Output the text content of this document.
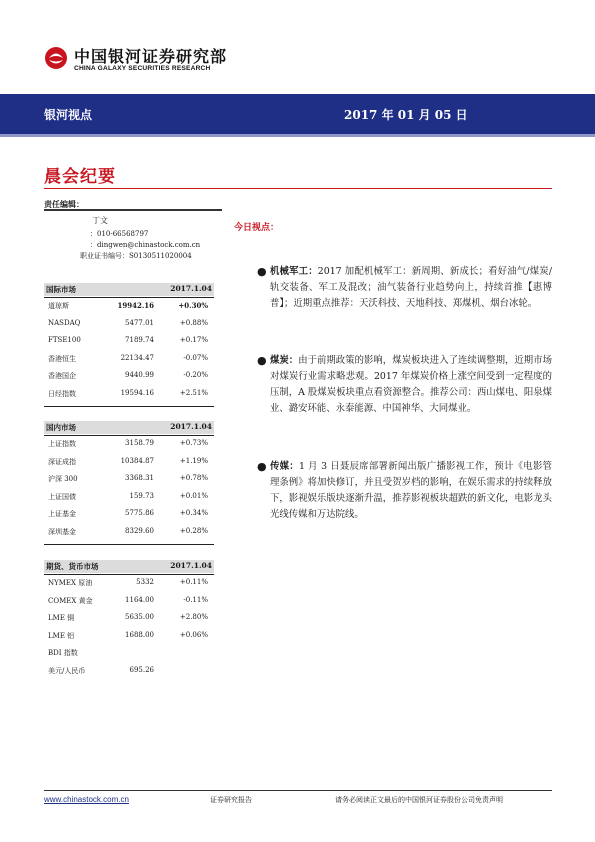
中国银河证券研究部
CHINA GALAXY SECURITIES RESEARCH
银河视点	2017 年 01 月 05 日
晨会纪要
责任编辑：
丁文
：010-66568797
：dingwen@chinastock.com.cn
职业证书编号：S0130511020004
国际市场	2017.1.04
道琼斯	19942.16	+0.30%
NASDAQ	5477.01	+0.88%
FTSE100	7189.74	+0.17%
香港恒生	22134.47	-0.07%
香港国企	9440.99	-0.20%
日经指数	19594.16	+2.51%
国内市场	2017.1.04
上证指数	3158.79	+0.73%
深证成指	10384.87	+1.19%
沪深 300	3368.31	+0.78%
上证国债	159.73	+0.01%
上证基金	5775.86	+0.34%
深圳基金	8329.60	+0.28%
期货、货币市场	2017.1.04
NYMEX 原油	5332	+0.11%
COMEX 黄金	1164.00	-0.11%
LME 铜	5635.00	+2.80%
LME 铝	1688.00	+0.06%
BDI 指数
美元/人民币	695.26
今日视点：
● 机械军工：2017 加配机械军工：新周期、新成长；看好油气/煤炭/轨交装备、军工及混改；油气装备行业趋势向上，持续首推【惠博普】；近期重点推荐：天沃科技、天地科技、郑煤机、烟台冰轮。
● 煤炭：由于前期政策的影响，煤炭板块进入了连续调整期，近期市场对煤炭行业需求略悲观。2017 年煤炭价格上涨空间受到一定程度的压制，A 股煤炭板块重点看资源整合。推荐公司：西山煤电、阳泉煤业、潞安环能、永泰能源、中国神华、大同煤业。
● 传媒：1 月 3 日聂辰席部署新闻出版广播影视工作，预计《电影管理条例》将加快修订，并且受贺岁档的影响，在娱乐需求的持续释放下，影视娱乐版块逐渐升温，推荐影视板块超跌的新文化，电影龙头光线传媒和万达院线。
www.chinastock.com.cn	证券研究报告	请务必阅读正文最后的中国银河证券股份公司免责声明
